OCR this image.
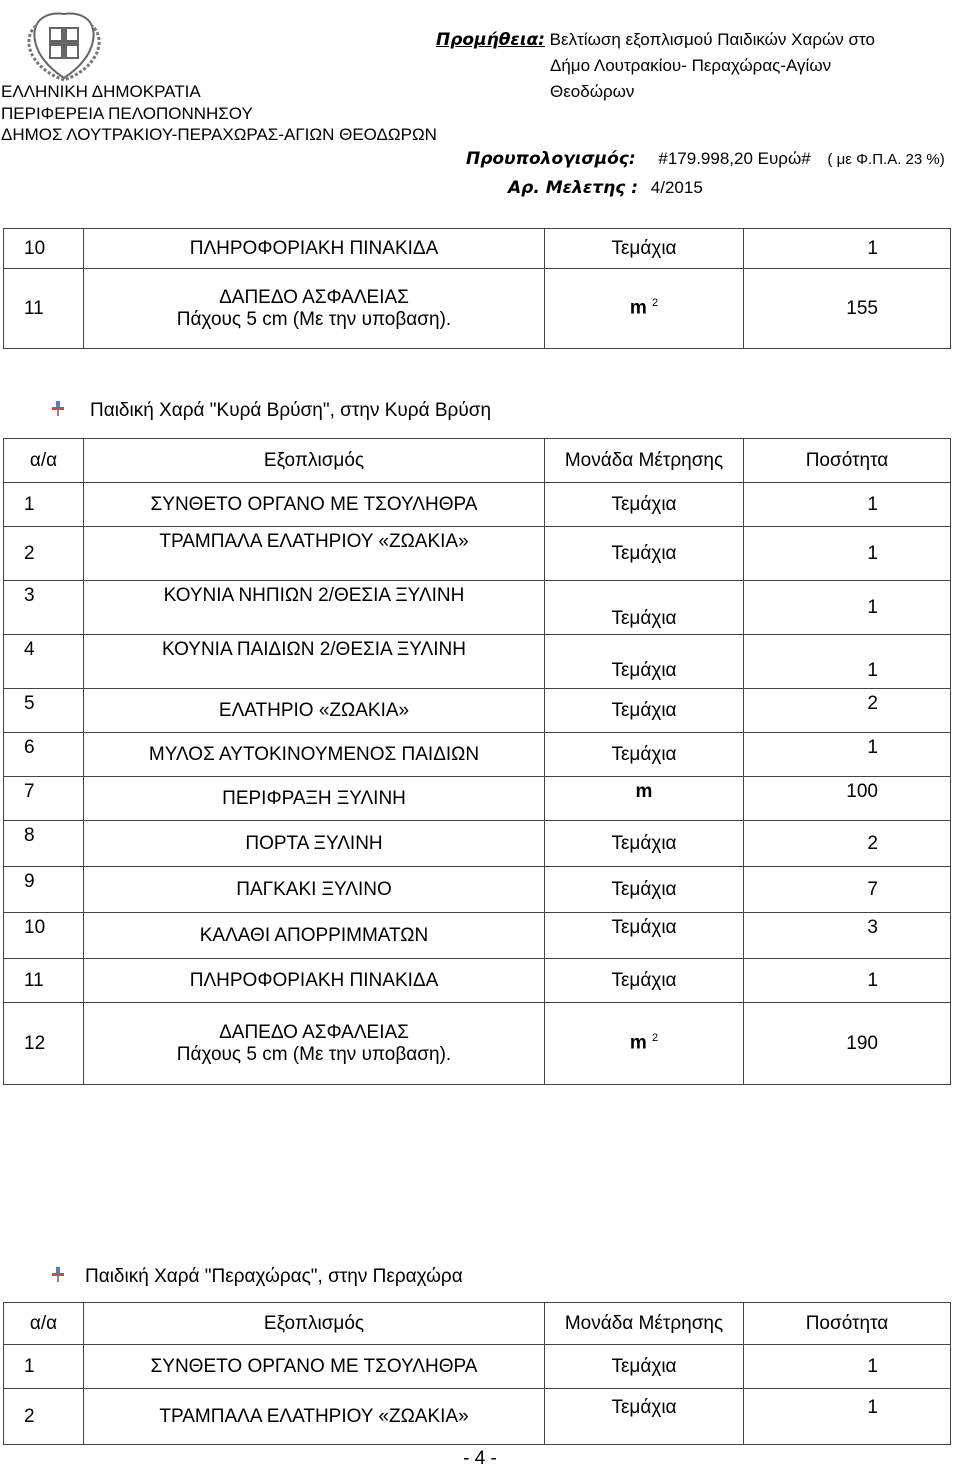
ΕΛΛΗΝΙΚΗ ΔΗΜΟΚΡΑΤΙΑ
ΠΕΡΙΦΕΡΕΙΑ ΠΕΛΟΠΟΝΝΗΣΟΥ
ΔΗΜΟΣ ΛΟΥΤΡΑΚΙΟΥ-ΠΕΡΑΧΩΡΑΣ-ΑΓΙΩΝ ΘΕΟΔΩΡΩΝ
Προμήθεια: Βελτίωση εξοπλισμού Παιδικών Χαρών στο
Δήμο Λουτρακίου- Περαχώρας-Αγίων
Θεοδώρων
Προυπολογισμός: #179.998,20 Ευρώ# ( με Φ.Π.Α. 23 %)
Αρ. Μελετης : 4/2015
10	ΠΛΗΡΟΦΟΡΙΑΚΗ ΠΙΝΑΚΙΔΑ	Τεμάχια	1
11	ΔΑΠΕΔΟ ΑΣΦΑΛΕΙΑΣ
Πάχους 5 cm (Με την υποβαση).	m $^2$	155
Παιδική Χαρά "Κυρά Βρύση", στην Κυρά Βρύση
α/α	Εξοπλισμός	Μονάδα Μέτρησης	Ποσότητα
1	ΣΥΝΘΕΤΟ ΟΡΓΑΝΟ ΜΕ ΤΣΟΥΛΗΘΡΑ	Τεμάχια	1
2	ΤΡΑΜΠΑΛΑ ΕΛΑΤΗΡΙΟΥ «ΖΩΑΚΙΑ»	Τεμάχια	1
3	ΚΟΥΝΙΑ ΝΗΠΙΩΝ 2/ΘΕΣΙΑ ΞΥΛΙΝΗ	Τεμάχια	1
4	ΚΟΥΝΙΑ ΠΑΙΔΙΩΝ 2/ΘΕΣΙΑ ΞΥΛΙΝΗ	Τεμάχια	1
5	ΕΛΑΤΗΡΙΟ «ΖΩΑΚΙΑ»	Τεμάχια	2
6	ΜΥΛΟΣ ΑΥΤΟΚΙΝΟΥΜΕΝΟΣ ΠΑΙΔΙΩΝ	Τεμάχια	1
7	ΠΕΡΙΦΡΑΞΗ ΞΥΛΙΝΗ	m	100
8	ΠΟΡΤΑ ΞΥΛΙΝΗ	Τεμάχια	2
9	ΠΑΓΚΑΚΙ ΞΥΛΙΝΟ	Τεμάχια	7
10	ΚΑΛΑΘΙ ΑΠΟΡΡΙΜΜΑΤΩΝ	Τεμάχια	3
11	ΠΛΗΡΟΦΟΡΙΑΚΗ ΠΙΝΑΚΙΔΑ	Τεμάχια	1
12	ΔΑΠΕΔΟ ΑΣΦΑΛΕΙΑΣ
Πάχους 5 cm (Με την υποβαση).	m $^2$	190
Παιδική Χαρά "Περαχώρας", στην Περαχώρα
α/α	Εξοπλισμός	Μονάδα Μέτρησης	Ποσότητα
1	ΣΥΝΘΕΤΟ ΟΡΓΑΝΟ ΜΕ ΤΣΟΥΛΗΘΡΑ	Τεμάχια	1
2	ΤΡΑΜΠΑΛΑ ΕΛΑΤΗΡΙΟΥ «ΖΩΑΚΙΑ»	Τεμάχια	1
- 4 -
